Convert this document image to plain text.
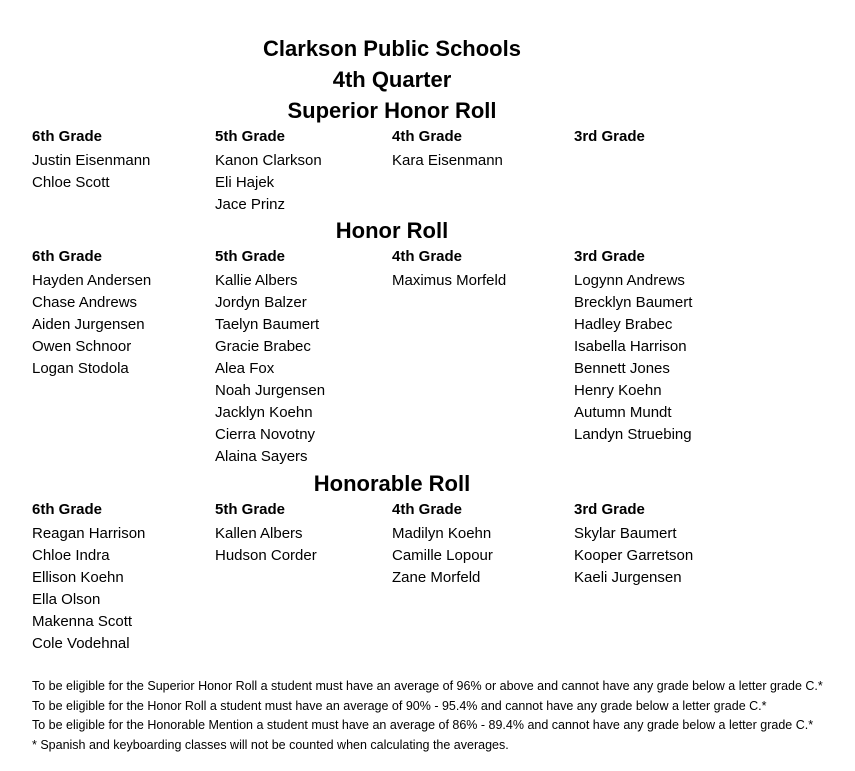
Clarkson Public Schools
4th Quarter
Superior Honor Roll
6th Grade
Justin Eisenmann
Chloe Scott
5th Grade
Kanon Clarkson
Eli Hajek
Jace Prinz
4th Grade
Kara Eisenmann
3rd Grade
Honor Roll
6th Grade
Hayden Andersen
Chase Andrews
Aiden Jurgensen
Owen Schnoor
Logan Stodola
5th Grade
Kallie Albers
Jordyn Balzer
Taelyn Baumert
Gracie Brabec
Alea Fox
Noah Jurgensen
Jacklyn Koehn
Cierra Novotny
Alaina Sayers
4th Grade
Maximus Morfeld
3rd Grade
Logynn Andrews
Brecklyn Baumert
Hadley Brabec
Isabella Harrison
Bennett Jones
Henry Koehn
Autumn Mundt
Landyn Struebing
Honorable Roll
6th Grade
Reagan Harrison
Chloe Indra
Ellison Koehn
Ella Olson
Makenna Scott
Cole Vodehnal
5th Grade
Kallen Albers
Hudson Corder
4th Grade
Madilyn Koehn
Camille Lopour
Zane Morfeld
3rd Grade
Skylar Baumert
Kooper Garretson
Kaeli Jurgensen

To be eligible for the Superior Honor Roll a student must have an average of 96% or above and cannot have any grade below a letter grade C.*

To be eligible for the Honor Roll a student must have an average of 90% - 95.4% and cannot have any grade below a letter grade C.*

To be eligible for the Honorable Mention a student must have an average of 86% - 89.4% and cannot have any grade below a letter grade C.*

* Spanish and keyboarding classes will not be counted when calculating the averages.
